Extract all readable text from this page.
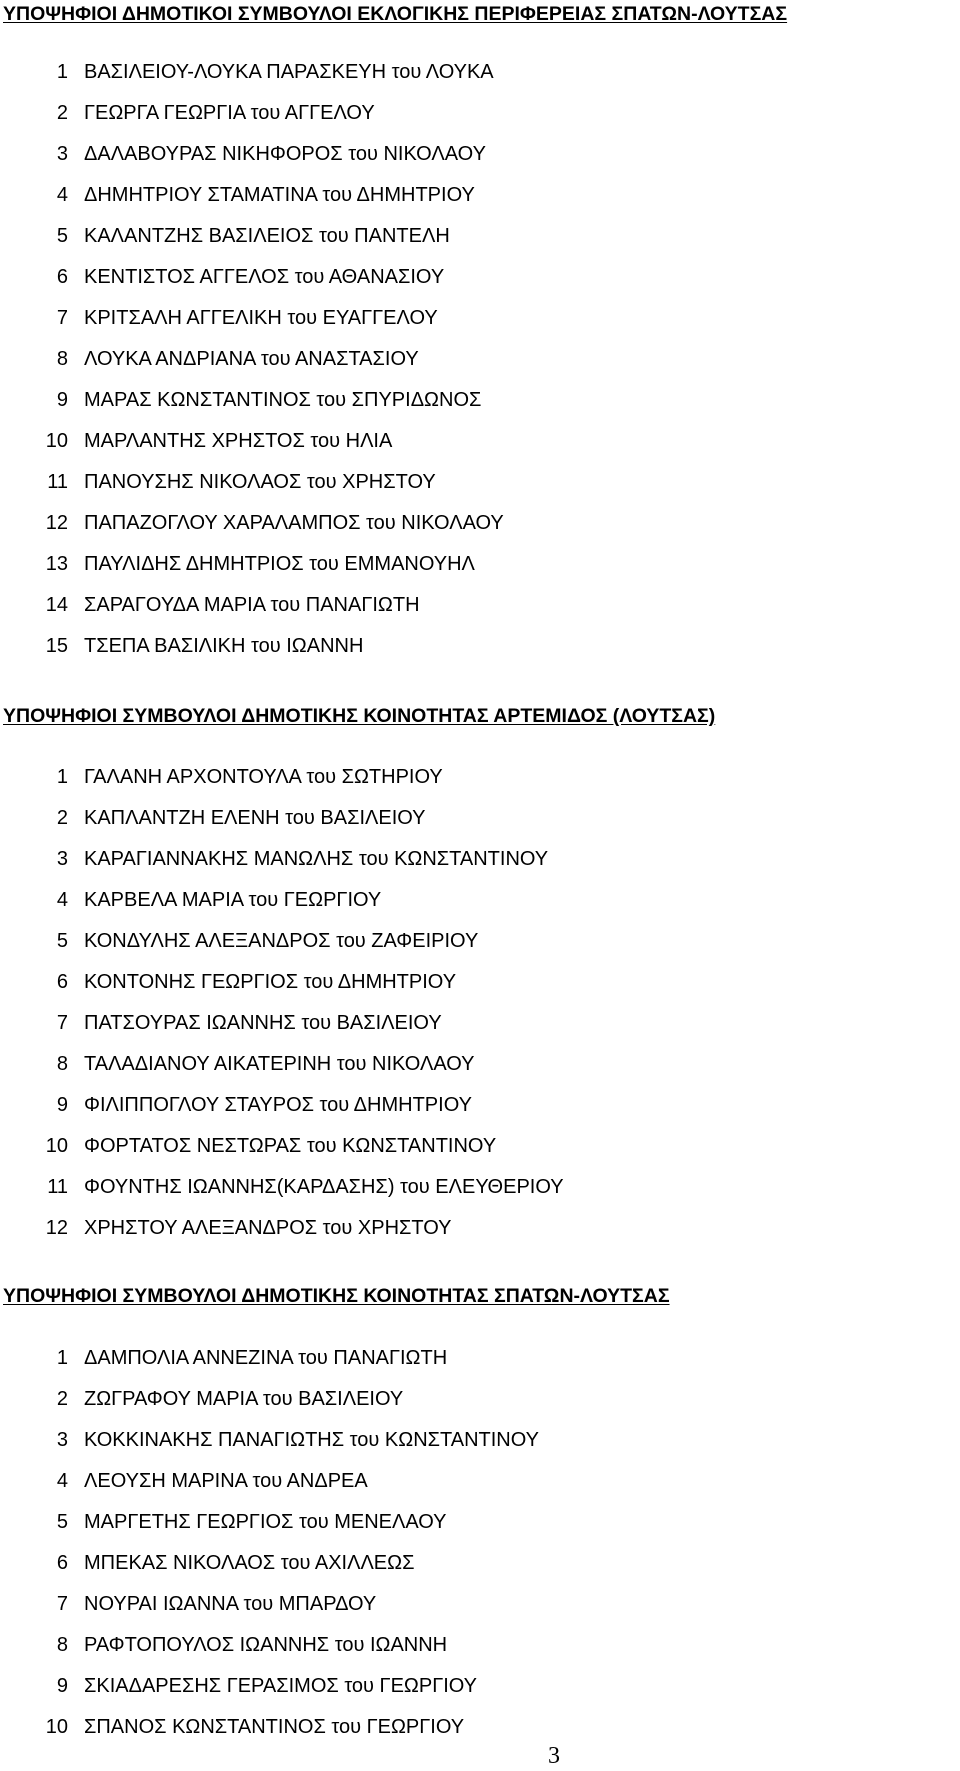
ΥΠΟΨΗΦΙΟΙ ΔΗΜΟΤΙΚΟΙ ΣΥΜΒΟΥΛΟΙ ΕΚΛΟΓΙΚΗΣ ΠΕΡΙΦΕΡΕΙΑΣ ΣΠΑΤΩΝ-ΛΟΥΤΣΑΣ
1 ΒΑΣΙΛΕΙΟΥ-ΛΟΥΚΑ ΠΑΡΑΣΚΕΥΗ του ΛΟΥΚΑ
2 ΓΕΩΡΓΑ ΓΕΩΡΓΙΑ του ΑΓΓΕΛΟΥ
3 ΔΑΛΑΒΟΥΡΑΣ ΝΙΚΗΦΟΡΟΣ του ΝΙΚΟΛΑΟΥ
4 ΔΗΜΗΤΡΙΟΥ ΣΤΑΜΑΤΙΝΑ του ΔΗΜΗΤΡΙΟΥ
5 ΚΑΛΑΝΤΖΗΣ ΒΑΣΙΛΕΙΟΣ του ΠΑΝΤΕΛΗ
6 ΚΕΝΤΙΣΤΟΣ ΑΓΓΕΛΟΣ του ΑΘΑΝΑΣΙΟΥ
7 ΚΡΙΤΣΑΛΗ ΑΓΓΕΛΙΚΗ του ΕΥΑΓΓΕΛΟΥ
8 ΛΟΥΚΑ ΑΝΔΡΙΑΝΑ του ΑΝΑΣΤΑΣΙΟΥ
9 ΜΑΡΑΣ ΚΩΝΣΤΑΝΤΙΝΟΣ του ΣΠΥΡΙΔΩΝΟΣ
10 ΜΑΡΛΑΝΤΗΣ ΧΡΗΣΤΟΣ του ΗΛΙΑ
11 ΠΑΝΟΥΣΗΣ ΝΙΚΟΛΑΟΣ του ΧΡΗΣΤΟΥ
12 ΠΑΠΑΖΟΓΛΟΥ ΧΑΡΑΛΑΜΠΟΣ του ΝΙΚΟΛΑΟΥ
13 ΠΑΥΛΙΔΗΣ ΔΗΜΗΤΡΙΟΣ του ΕΜΜΑΝΟΥΗΛ
14 ΣΑΡΑΓΟΥΔΑ ΜΑΡΙΑ του ΠΑΝΑΓΙΩΤΗ
15 ΤΣΕΠΑ ΒΑΣΙΛΙΚΗ του ΙΩΑΝΝΗ
ΥΠΟΨΗΦΙΟΙ ΣΥΜΒΟΥΛΟΙ ΔΗΜΟΤΙΚΗΣ ΚΟΙΝΟΤΗΤΑΣ ΑΡΤΕΜΙΔΟΣ (ΛΟΥΤΣΑΣ)
1 ΓΑΛΑΝΗ ΑΡΧΟΝΤΟΥΛΑ του ΣΩΤΗΡΙΟΥ
2 ΚΑΠΛΑΝΤΖΗ ΕΛΕΝΗ του ΒΑΣΙΛΕΙΟΥ
3 ΚΑΡΑΓΙΑΝΝΑΚΗΣ ΜΑΝΩΛΗΣ του ΚΩΝΣΤΑΝΤΙΝΟΥ
4 ΚΑΡΒΕΛΑ ΜΑΡΙΑ του ΓΕΩΡΓΙΟΥ
5 ΚΟΝΔΥΛΗΣ ΑΛΕΞΑΝΔΡΟΣ του ΖΑΦΕΙΡΙΟΥ
6 ΚΟΝΤΟΝΗΣ ΓΕΩΡΓΙΟΣ του ΔΗΜΗΤΡΙΟΥ
7 ΠΑΤΣΟΥΡΑΣ ΙΩΑΝΝΗΣ του ΒΑΣΙΛΕΙΟΥ
8 ΤΑΛΑΔΙΑΝΟΥ ΑΙΚΑΤΕΡΙΝΗ του ΝΙΚΟΛΑΟΥ
9 ΦΙΛΙΠΠΟΓΛΟΥ ΣΤΑΥΡΟΣ του ΔΗΜΗΤΡΙΟΥ
10 ΦΟΡΤΑΤΟΣ ΝΕΣΤΩΡΑΣ του ΚΩΝΣΤΑΝΤΙΝΟΥ
11 ΦΟΥΝΤΗΣ ΙΩΑΝΝΗΣ(ΚΑΡΔΑΣΗΣ) του ΕΛΕΥΘΕΡΙΟΥ
12 ΧΡΗΣΤΟΥ ΑΛΕΞΑΝΔΡΟΣ του ΧΡΗΣΤΟΥ
ΥΠΟΨΗΦΙΟΙ ΣΥΜΒΟΥΛΟΙ ΔΗΜΟΤΙΚΗΣ ΚΟΙΝΟΤΗΤΑΣ ΣΠΑΤΩΝ-ΛΟΥΤΣΑΣ
1 ΔΑΜΠΟΛΙΑ ΑΝΝΕΖΙΝΑ του ΠΑΝΑΓΙΩΤΗ
2 ΖΩΓΡΑΦΟΥ ΜΑΡΙΑ του ΒΑΣΙΛΕΙΟΥ
3 ΚΟΚΚΙΝΑΚΗΣ ΠΑΝΑΓΙΩΤΗΣ του ΚΩΝΣΤΑΝΤΙΝΟΥ
4 ΛΕΟΥΣΗ ΜΑΡΙΝΑ του ΑΝΔΡΕΑ
5 ΜΑΡΓΕΤΗΣ ΓΕΩΡΓΙΟΣ του ΜΕΝΕΛΑΟΥ
6 ΜΠΕΚΑΣ ΝΙΚΟΛΑΟΣ του ΑΧΙΛΛΕΩΣ
7 ΝΟΥΡΑΙ ΙΩΑΝΝΑ του ΜΠΑΡΔΟΥ
8 ΡΑΦΤΟΠΟΥΛΟΣ ΙΩΑΝΝΗΣ του ΙΩΑΝΝΗ
9 ΣΚΙΑΔΑΡΕΣΗΣ ΓΕΡΑΣΙΜΟΣ του ΓΕΩΡΓΙΟΥ
10 ΣΠΑΝΟΣ ΚΩΝΣΤΑΝΤΙΝΟΣ του ΓΕΩΡΓΙΟΥ
3
